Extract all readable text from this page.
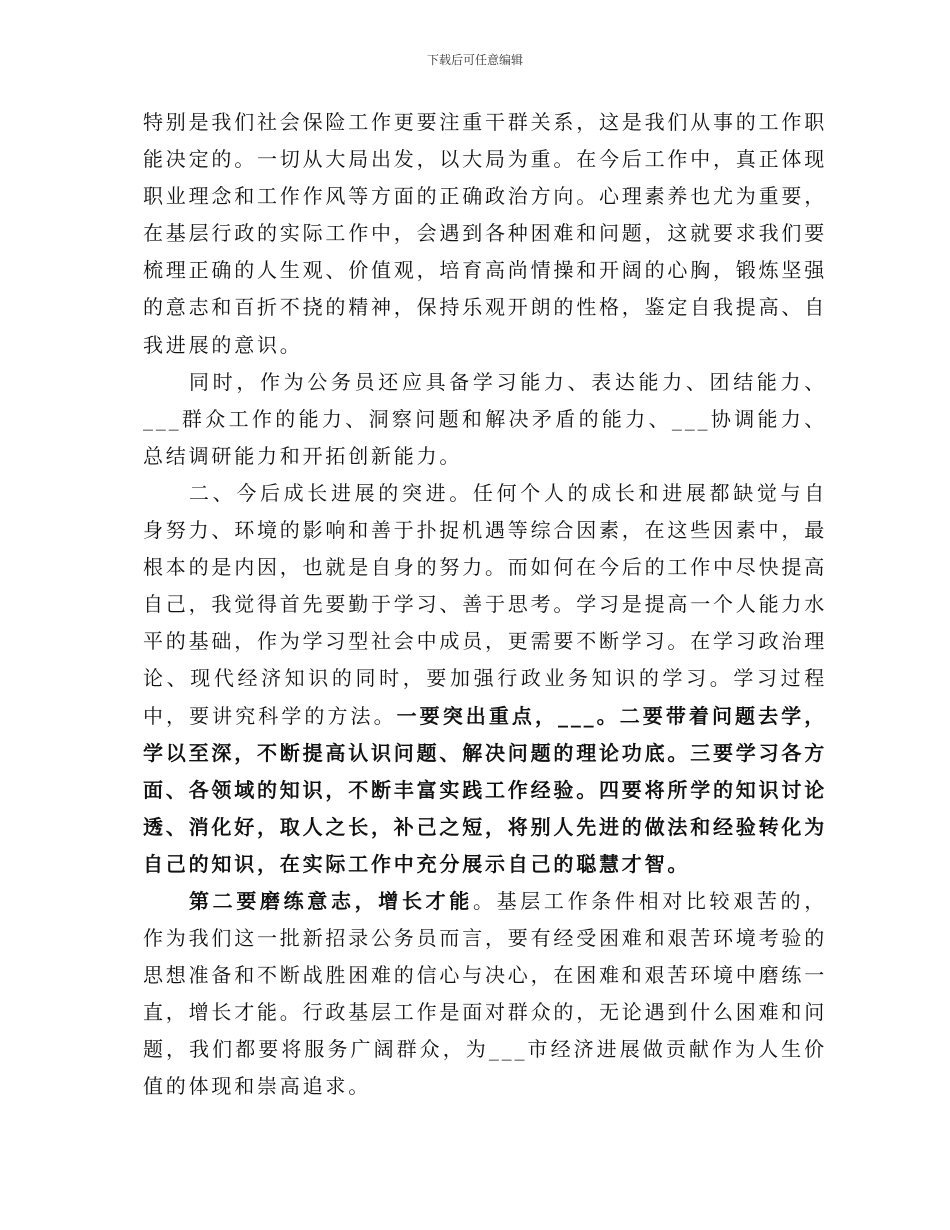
下载后可任意编辑

特别是我们社会保险工作更要注重干群关系，这是我们从事的工作职能决定的。一切从大局出发，以大局为重。在今后工作中，真正体现职业理念和工作作风等方面的正确政治方向。心理素养也尤为重要，在基层行政的实际工作中，会遇到各种困难和问题，这就要求我们要梳理正确的人生观、价值观，培育高尚情操和开阔的心胸，锻炼坚强的意志和百折不挠的精神，保持乐观开朗的性格，鉴定自我提高、自我进展的意识。

同时，作为公务员还应具备学习能力、表达能力、团结能力、___群众工作的能力、洞察问题和解决矛盾的能力、___协调能力、总结调研能力和开拓创新能力。

二、今后成长进展的突进。任何个人的成长和进展都缺觉与自身努力、环境的影响和善于扑捉机遇等综合因素，在这些因素中，最根本的是内因，也就是自身的努力。而如何在今后的工作中尽快提高自己，我觉得首先要勤于学习、善于思考。学习是提高一个人能力水平的基础，作为学习型社会中成员，更需要不断学习。在学习政治理论、现代经济知识的同时，要加强行政业务知识的学习。学习过程中，要讲究科学的方法。一要突出重点，___。二要带着问题去学，学以至深，不断提高认识问题、解决问题的理论功底。三要学习各方面、各领域的知识，不断丰富实践工作经验。四要将所学的知识讨论透、消化好，取人之长，补己之短，将别人先进的做法和经验转化为自己的知识，在实际工作中充分展示自己的聪慧才智。

第二要磨练意志，增长才能。基层工作条件相对比较艰苦的，作为我们这一批新招录公务员而言，要有经受困难和艰苦环境考验的思想准备和不断战胜困难的信心与决心，在困难和艰苦环境中磨练一直，增长才能。行政基层工作是面对群众的，无论遇到什么困难和问题，我们都要将服务广阔群众，为___市经济进展做贡献作为人生价值的体现和崇高追求。
